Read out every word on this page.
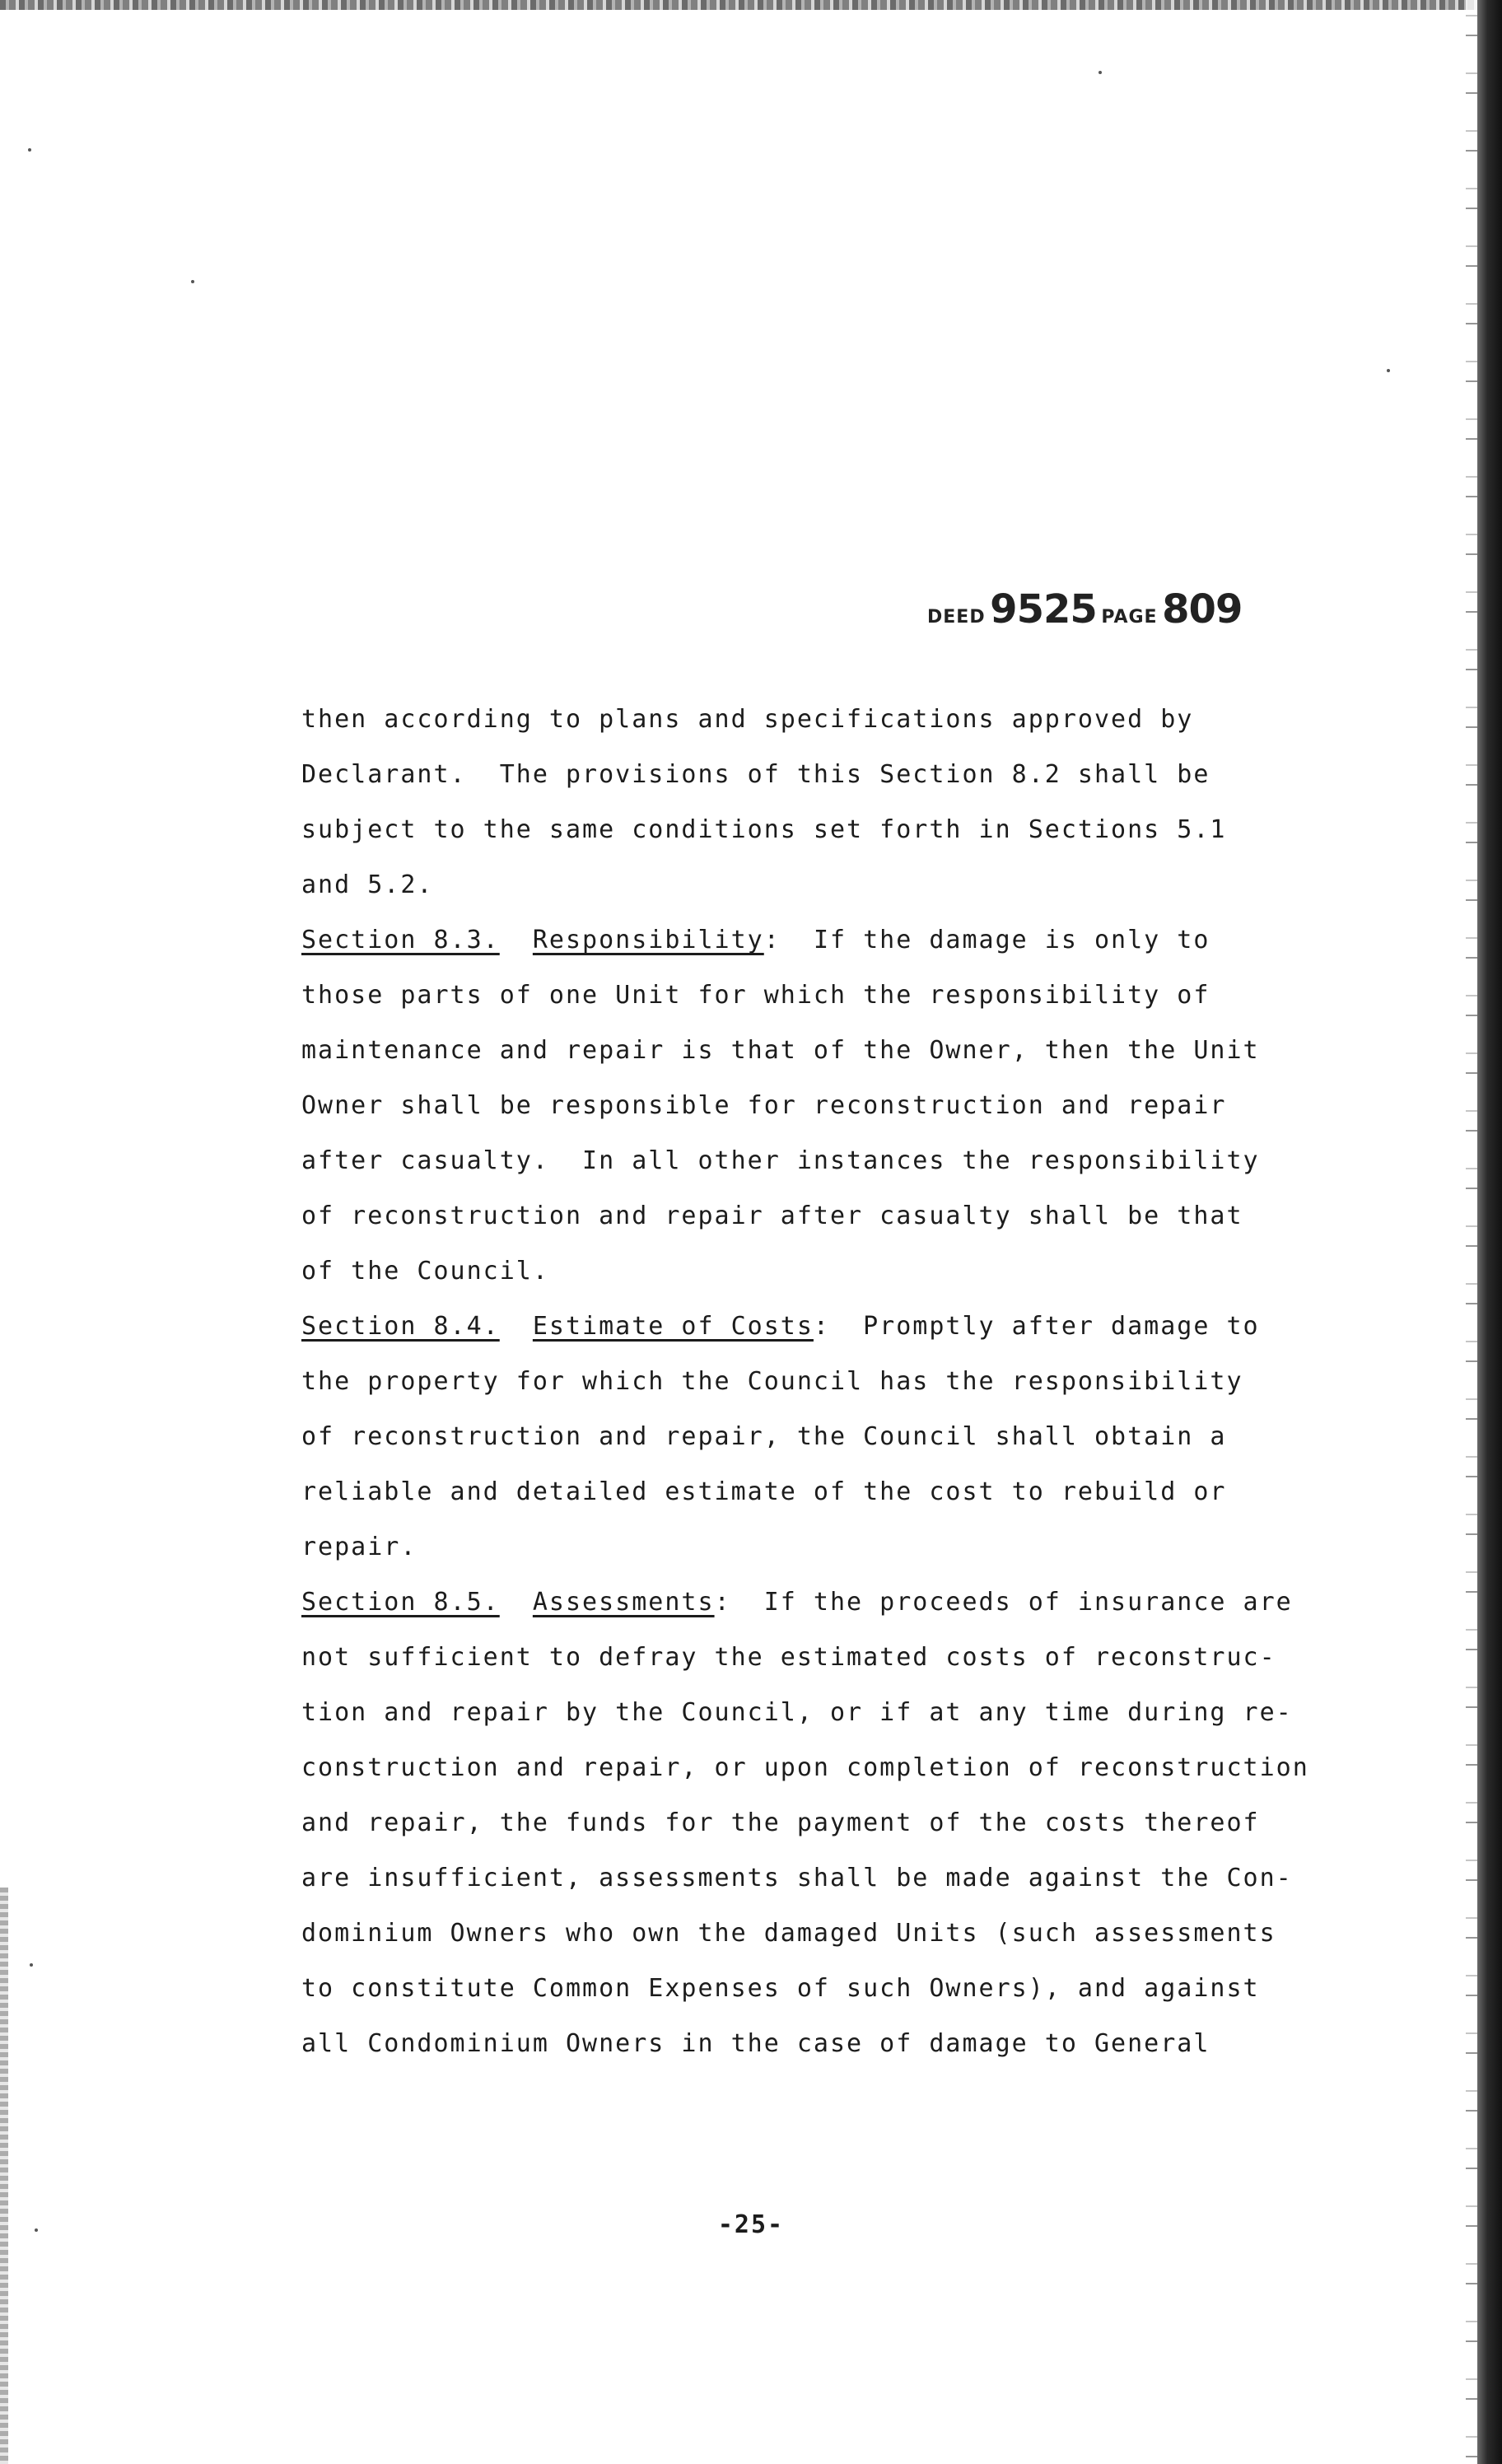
DEED 9525 PAGE 809
then according to plans and specifications approved by
Declarant.  The provisions of this Section 8.2 shall be
subject to the same conditions set forth in Sections 5.1
and 5.2.
Section 8.3. Responsibility:  If the damage is only to
those parts of one Unit for which the responsibility of
maintenance and repair is that of the Owner, then the Unit
Owner shall be responsible for reconstruction and repair
after casualty.  In all other instances the responsibility
of reconstruction and repair after casualty shall be that
of the Council.
Section 8.4. Estimate of Costs:  Promptly after damage to
the property for which the Council has the responsibility
of reconstruction and repair, the Council shall obtain a
reliable and detailed estimate of the cost to rebuild or
repair.
Section 8.5. Assessments:  If the proceeds of insurance are
not sufficient to defray the estimated costs of reconstruc-
tion and repair by the Council, or if at any time during re-
construction and repair, or upon completion of reconstruction
and repair, the funds for the payment of the costs thereof
are insufficient, assessments shall be made against the Con-
dominium Owners who own the damaged Units (such assessments
to constitute Common Expenses of such Owners), and against
all Condominium Owners in the case of damage to General
-25-
